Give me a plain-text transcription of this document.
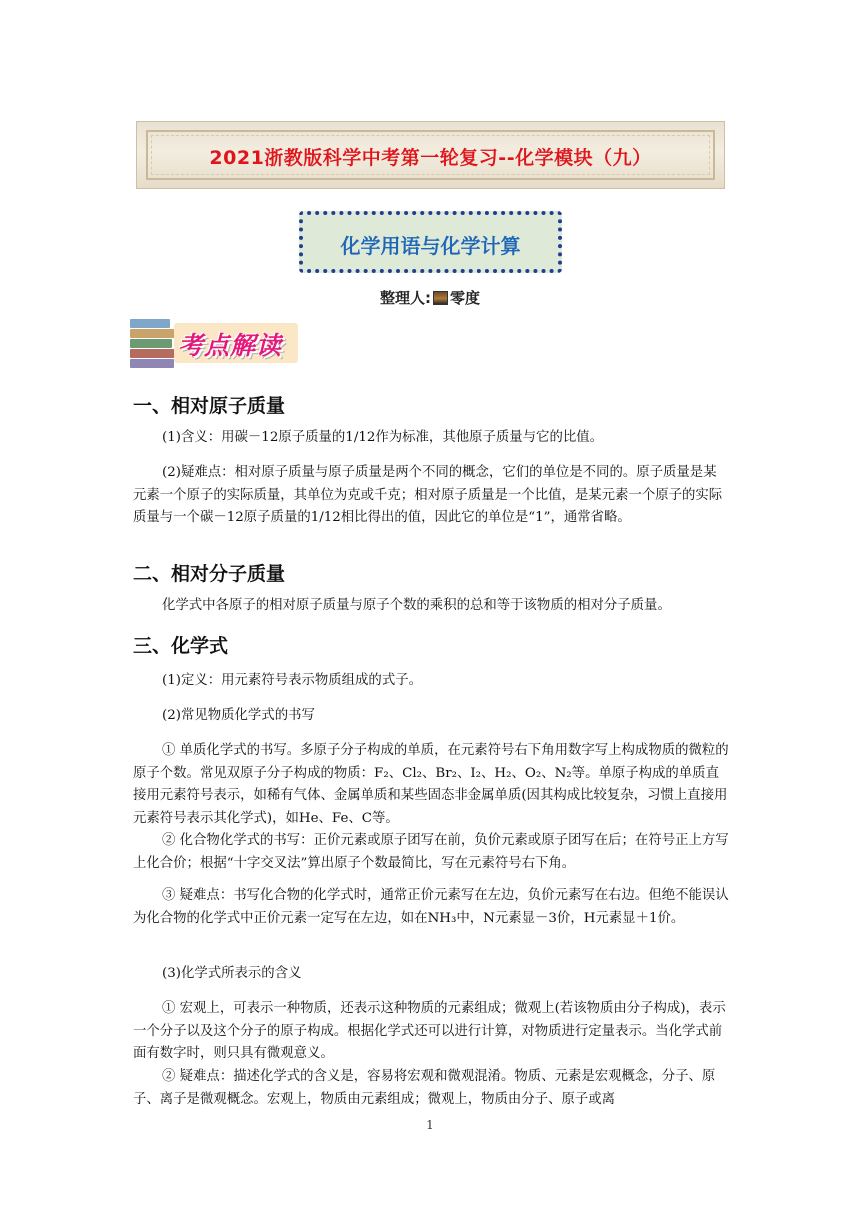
2021浙教版科学中考第一轮复习--化学模块（九）
化学用语与化学计算
整理人: 零度
考点解读
一、相对原子质量

(1)含义：用碳－12原子质量的1/12作为标准，其他原子质量与它的比值。

(2)疑难点：相对原子质量与原子质量是两个不同的概念，它们的单位是不同的。原子质量是某元素一个原子的实际质量，其单位为克或千克；相对原子质量是一个比值，是某元素一个原子的实际质量与一个碳－12原子质量的1/12相比得出的值，因此它的单位是“1”，通常省略。

二、相对分子质量

化学式中各原子的相对原子质量与原子个数的乘积的总和等于该物质的相对分子质量。

三、化学式

(1)定义：用元素符号表示物质组成的式子。

(2)常见物质化学式的书写

① 单质化学式的书写。多原子分子构成的单质，在元素符号右下角用数字写上构成物质的微粒的原子个数。常见双原子分子构成的物质：F₂、Cl₂、Br₂、I₂、H₂、O₂、N₂等。单原子构成的单质直接用元素符号表示，如稀有气体、金属单质和某些固态非金属单质(因其构成比较复杂，习惯上直接用元素符号表示其化学式)，如He、Fe、C等。

② 化合物化学式的书写：正价元素或原子团写在前，负价元素或原子团写在后；在符号正上方写上化合价；根据“十字交叉法”算出原子个数最简比，写在元素符号右下角。

③ 疑难点：书写化合物的化学式时，通常正价元素写在左边，负价元素写在右边。但绝不能误认为化合物的化学式中正价元素一定写在左边，如在NH₃中，N元素显－3价，H元素显＋1价。

(3)化学式所表示的含义

① 宏观上，可表示一种物质，还表示这种物质的元素组成；微观上(若该物质由分子构成)，表示一个分子以及这个分子的原子构成。根据化学式还可以进行计算，对物质进行定量表示。当化学式前面有数字时，则只具有微观意义。

② 疑难点：描述化学式的含义是，容易将宏观和微观混淆。物质、元素是宏观概念，分子、原子、离子是微观概念。宏观上，物质由元素组成；微观上，物质由分子、原子或离

1
